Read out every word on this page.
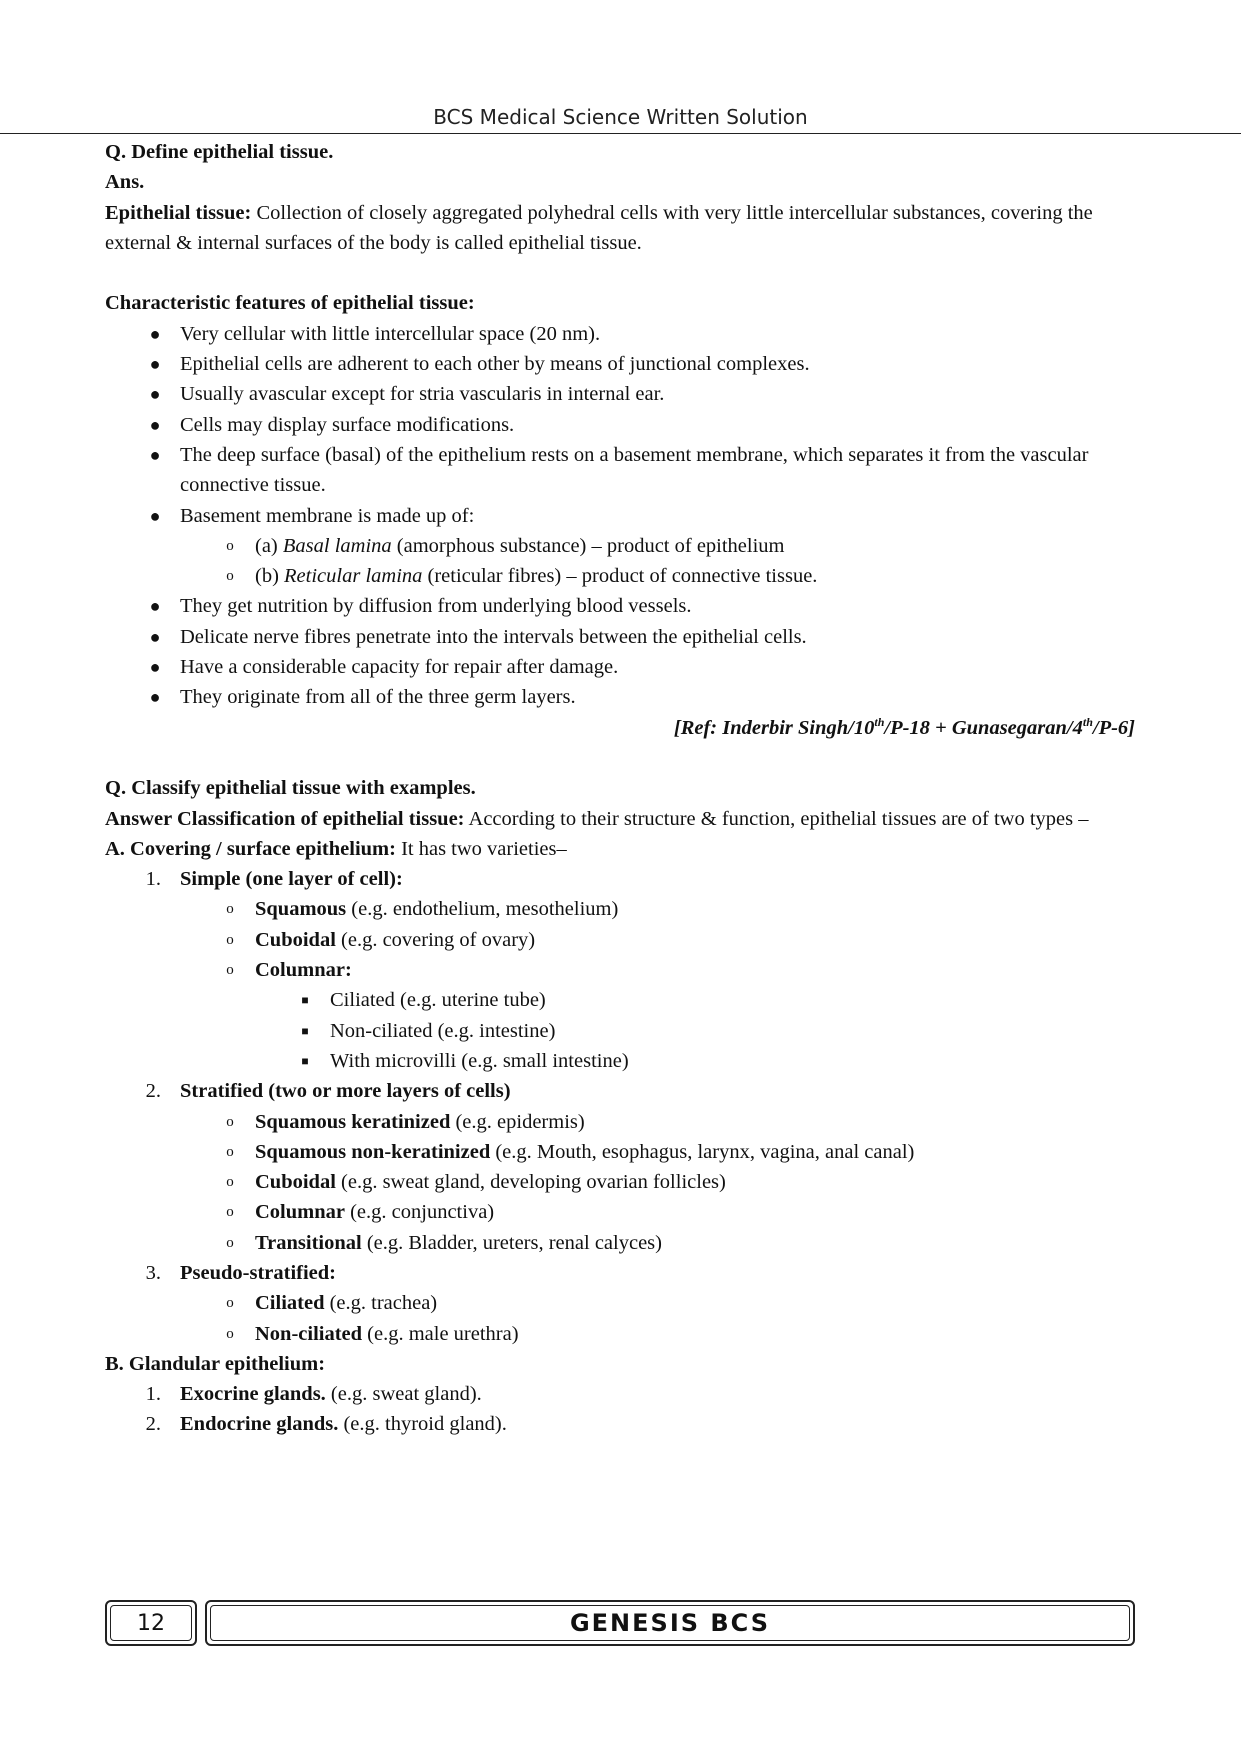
BCS Medical Science Written Solution

Q. Define epithelial tissue.

Ans.

Epithelial tissue: Collection of closely aggregated polyhedral cells with very little intercellular substances, covering the external & internal surfaces of the body is called epithelial tissue.

Characteristic features of epithelial tissue:

● Very cellular with little intercellular space (20 nm).
● Epithelial cells are adherent to each other by means of junctional complexes.
● Usually avascular except for stria vascularis in internal ear.
● Cells may display surface modifications.
● The deep surface (basal) of the epithelium rests on a basement membrane, which separates it from the vascular connective tissue.
● Basement membrane is made up of:
o	(a) Basal lamina (amorphous substance) – product of epithelium
o	(b) Reticular lamina (reticular fibres) – product of connective tissue.
● They get nutrition by diffusion from underlying blood vessels.
● Delicate nerve fibres penetrate into the intervals between the epithelial cells.
● Have a considerable capacity for repair after damage.
● They originate from all of the three germ layers.

[Ref: Inderbir Singh/10th/P-18 + Gunasegaran/4th/P-6]

Q. Classify epithelial tissue with examples.

Answer Classification of epithelial tissue: According to their structure & function, epithelial tissues are of two types –

A. Covering / surface epithelium: It has two varieties–

1. Simple (one layer of cell):
o	Squamous (e.g. endothelium, mesothelium)
o	Cuboidal (e.g. covering of ovary)
o	Columnar:
■	Ciliated (e.g. uterine tube)
■	Non-ciliated (e.g. intestine)
■	With microvilli (e.g. small intestine)
2. Stratified (two or more layers of cells)
o	Squamous keratinized (e.g. epidermis)
o	Squamous non-keratinized (e.g. Mouth, esophagus, larynx, vagina, anal canal)
o	Cuboidal (e.g. sweat gland, developing ovarian follicles)
o	Columnar (e.g. conjunctiva)
o	Transitional (e.g. Bladder, ureters, renal calyces)
3. Pseudo-stratified:
o	Ciliated (e.g. trachea)
o	Non-ciliated (e.g. male urethra)

B. Glandular epithelium:

1. Exocrine glands. (e.g. sweat gland).
2. Endocrine glands. (e.g. thyroid gland).
12	GENESIS BCS
